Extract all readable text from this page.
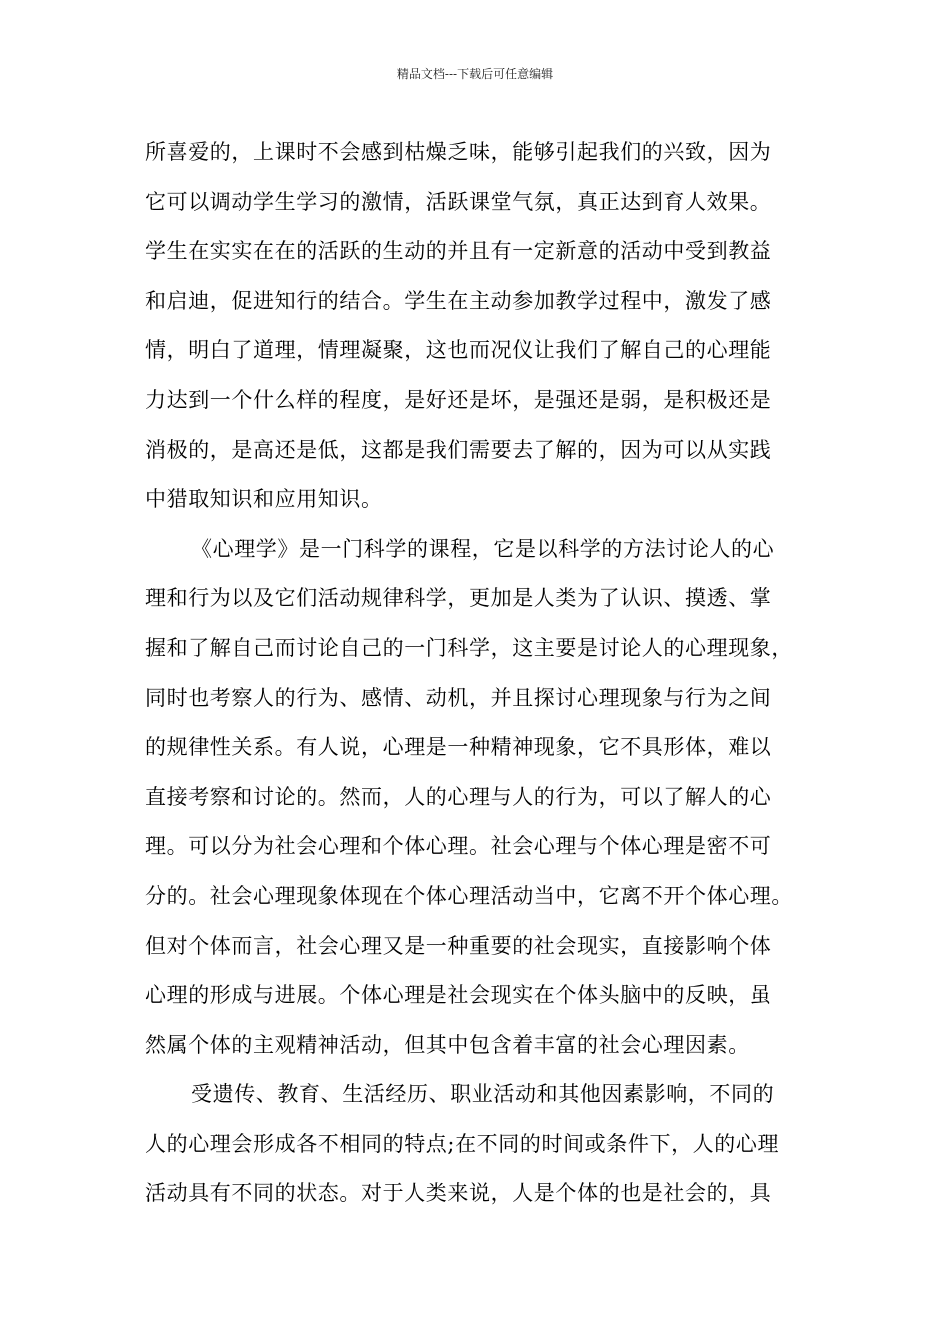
精品文档---下载后可任意编辑
所喜爱的，上课时不会感到枯燥乏味，能够引起我们的兴致，因为
它可以调动学生学习的激情，活跃课堂气氛，真正达到育人效果。
学生在实实在在的活跃的生动的并且有一定新意的活动中受到教益
和启迪，促进知行的结合。学生在主动参加教学过程中，激发了感
情，明白了道理，情理凝聚，这也而况仪让我们了解自己的心理能
力达到一个什么样的程度，是好还是坏，是强还是弱，是积极还是
消极的，是高还是低，这都是我们需要去了解的，因为可以从实践
中猎取知识和应用知识。
《心理学》是一门科学的课程，它是以科学的方法讨论人的心
理和行为以及它们活动规律科学，更加是人类为了认识、摸透、掌
握和了解自己而讨论自己的一门科学，这主要是讨论人的心理现象，
同时也考察人的行为、感情、动机，并且探讨心理现象与行为之间
的规律性关系。有人说，心理是一种精神现象，它不具形体，难以
直接考察和讨论的。然而，人的心理与人的行为，可以了解人的心
理。可以分为社会心理和个体心理。社会心理与个体心理是密不可
分的。社会心理现象体现在个体心理活动当中，它离不开个体心理。
但对个体而言，社会心理又是一种重要的社会现实，直接影响个体
心理的形成与进展。个体心理是社会现实在个体头脑中的反映，虽
然属个体的主观精神活动，但其中包含着丰富的社会心理因素。
受遗传、教育、生活经历、职业活动和其他因素影响，不同的
人的心理会形成各不相同的特点;在不同的时间或条件下，人的心理
活动具有不同的状态。对于人类来说，人是个体的也是社会的，具
